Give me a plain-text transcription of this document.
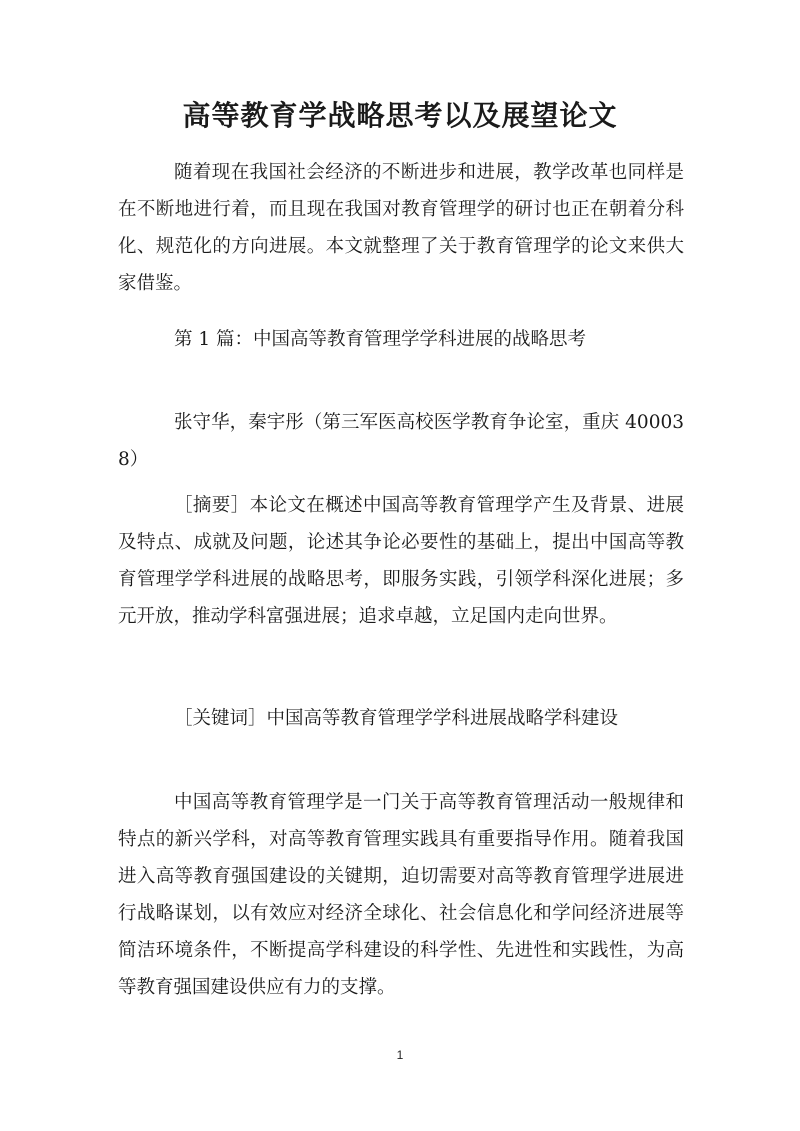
高等教育学战略思考以及展望论文

随着现在我国社会经济的不断进步和进展，教学改革也同样是在不断地进行着，而且现在我国对教育管理学的研讨也正在朝着分科化、规范化的方向进展。本文就整理了关于教育管理学的论文来供大家借鉴。

第 1 篇：中国高等教育管理学学科进展的战略思考

张守华，秦宇彤（第三军医高校医学教育争论室，重庆 400038）

［摘要］本论文在概述中国高等教育管理学产生及背景、进展及特点、成就及问题，论述其争论必要性的基础上，提出中国高等教育管理学学科进展的战略思考，即服务实践，引领学科深化进展；多元开放，推动学科富强进展；追求卓越，立足国内走向世界。

［关键词］中国高等教育管理学学科进展战略学科建设

中国高等教育管理学是一门关于高等教育管理活动一般规律和特点的新兴学科，对高等教育管理实践具有重要指导作用。随着我国进入高等教育强国建设的关键期，迫切需要对高等教育管理学进展进行战略谋划，以有效应对经济全球化、社会信息化和学问经济进展等简洁环境条件，不断提高学科建设的科学性、先进性和实践性，为高等教育强国建设供应有力的支撑。

1
